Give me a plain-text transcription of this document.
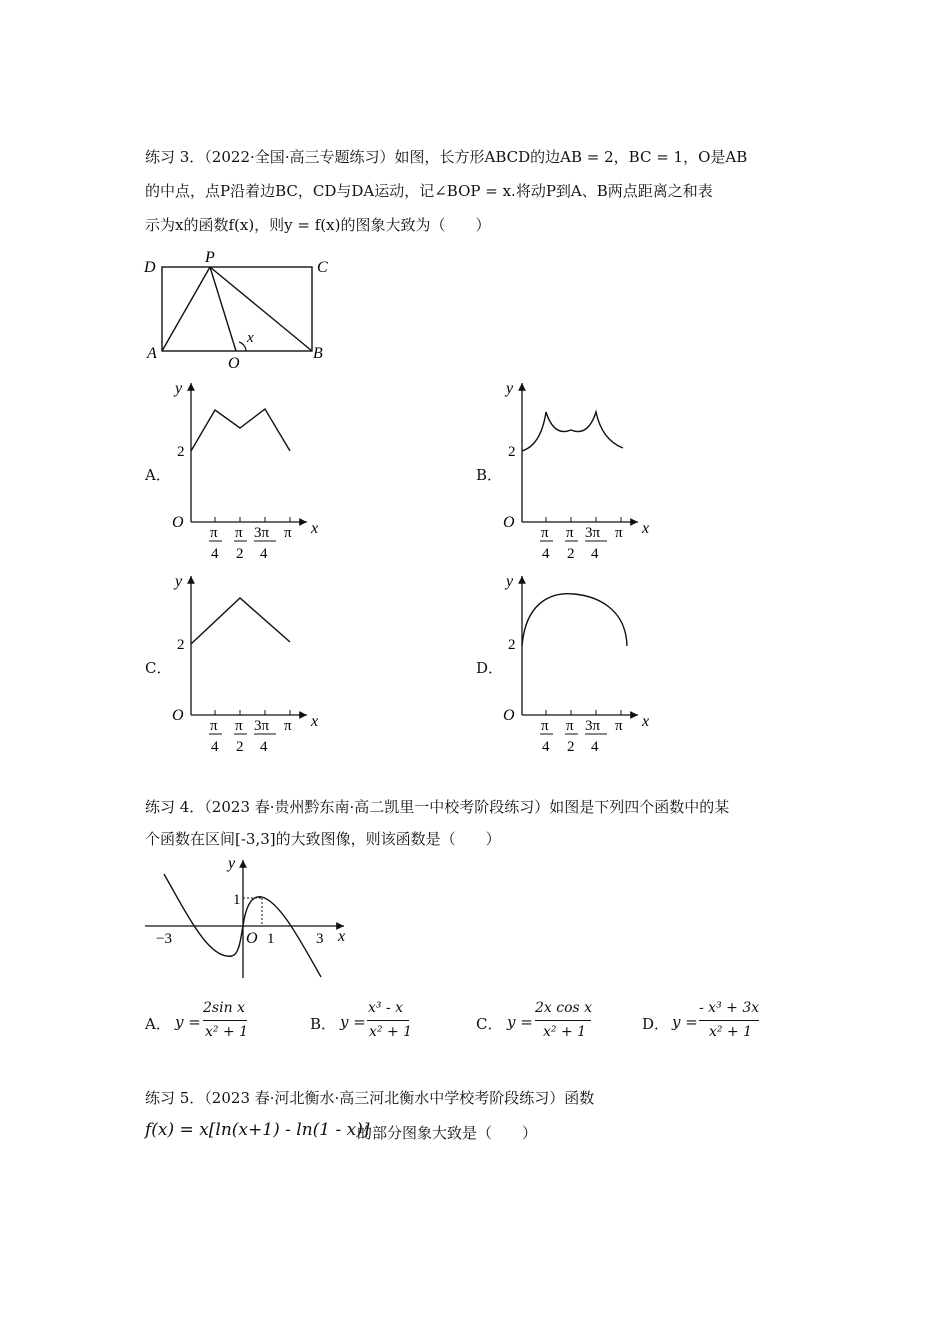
练习 3．（2022·全国·高三专题练习）如图，长方形ABCD的边AB = 2，BC = 1，O是AB
的中点，点P沿着边BC，CD与DA运动，记∠BOP = x.将动P到A、B两点距离之和表
示为x的函数f(x)，则y = f(x)的图象大致为（　　）
D
P
C
A
O
B
x
A．	B．
C．	D．
y
2
O	x
π
4
π
2
3π
4
π
y
2
O	x
π
4
π
2
3π
4
π
y
2
O	x
π
4
π
2
3π
4
π
y
2
O	x
π
4
π
2
3π
4
π
练习 4．（2023 春·贵州黔东南·高二凯里一中校考阶段练习）如图是下列四个函数中的某
个函数在区间[-3,3]的大致图像，则该函数是（　　）
y
1
O 1	3
−3	x
A． y =
2sin x
x² + 1	B． y =
x³ - x
x² + 1	C． y =
2x cos x
x² + 1	D． y =
- x³ + 3x
x² + 1
练习 5．（2023 春·河北衡水·高三河北衡水中学校考阶段练习）函数
f(x) = x[ln(x+1) - ln(1 - x)]
的部分图象大致是（　　）
